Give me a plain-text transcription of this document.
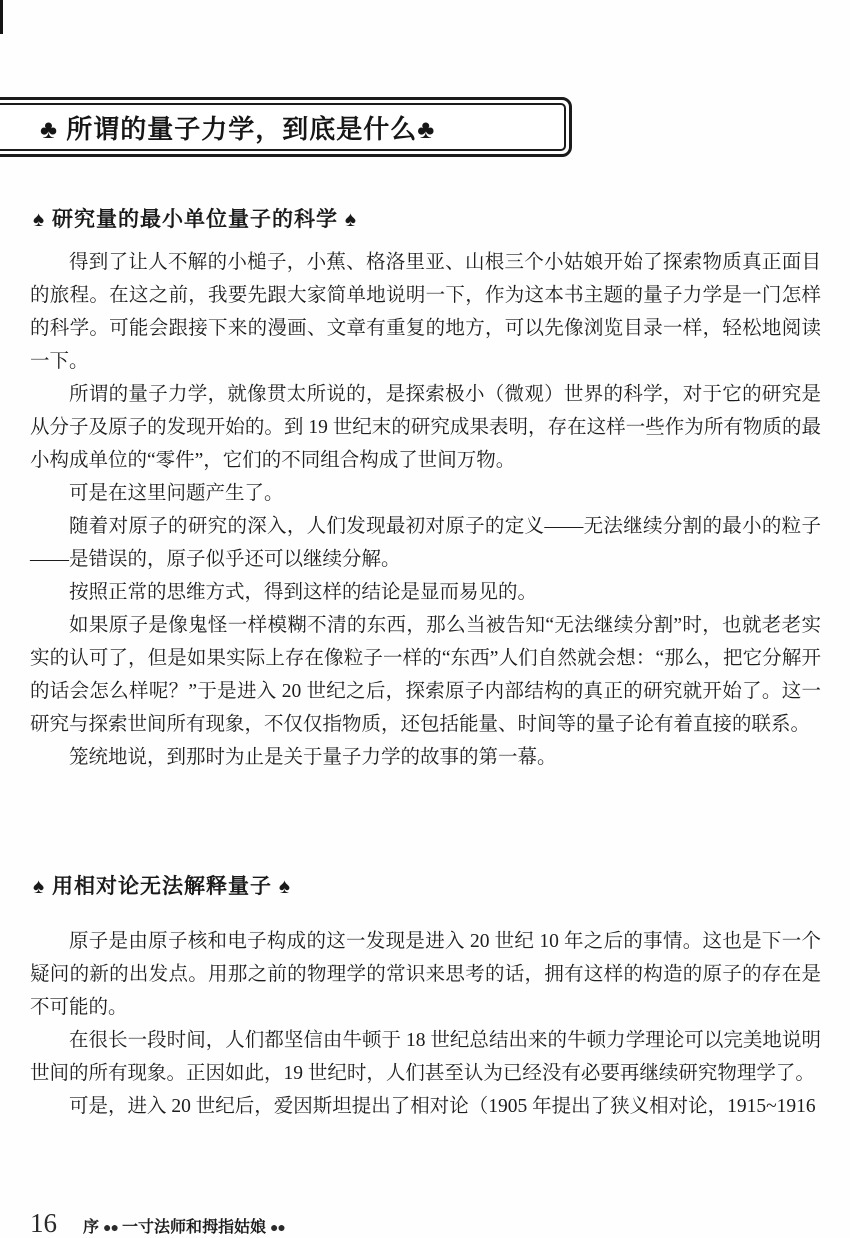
♣ 所谓的量子力学，到底是什么♣
♠ 研究量的最小单位量子的科学 ♠

得到了让人不解的小槌子，小蕉、格洛里亚、山根三个小姑娘开始了探索物质真正面目的旅程。在这之前，我要先跟大家简单地说明一下，作为这本书主题的量子力学是一门怎样的科学。可能会跟接下来的漫画、文章有重复的地方，可以先像浏览目录一样，轻松地阅读一下。

所谓的量子力学，就像贯太所说的，是探索极小（微观）世界的科学，对于它的研究是从分子及原子的发现开始的。到 19 世纪末的研究成果表明，存在这样一些作为所有物质的最小构成单位的“零件”，它们的不同组合构成了世间万物。

可是在这里问题产生了。

随着对原子的研究的深入，人们发现最初对原子的定义——无法继续分割的最小的粒子——是错误的，原子似乎还可以继续分解。

按照正常的思维方式，得到这样的结论是显而易见的。

如果原子是像鬼怪一样模糊不清的东西，那么当被告知“无法继续分割”时，也就老老实实的认可了，但是如果实际上存在像粒子一样的“东西”人们自然就会想：“那么，把它分解开的话会怎么样呢？”于是进入 20 世纪之后，探索原子内部结构的真正的研究就开始了。这一研究与探索世间所有现象，不仅仅指物质，还包括能量、时间等的量子论有着直接的联系。

笼统地说，到那时为止是关于量子力学的故事的第一幕。

♠ 用相对论无法解释量子 ♠

原子是由原子核和电子构成的这一发现是进入 20 世纪 10 年之后的事情。这也是下一个疑问的新的出发点。用那之前的物理学的常识来思考的话，拥有这样的构造的原子的存在是不可能的。

在很长一段时间，人们都坚信由牛顿于 18 世纪总结出来的牛顿力学理论可以完美地说明世间的所有现象。正因如此，19 世纪时，人们甚至认为已经没有必要再继续研究物理学了。

可是，进入 20 世纪后，爱因斯坦提出了相对论（1905 年提出了狭义相对论，1915~1916

16 序 ●● 一寸法师和拇指姑娘 ●●
